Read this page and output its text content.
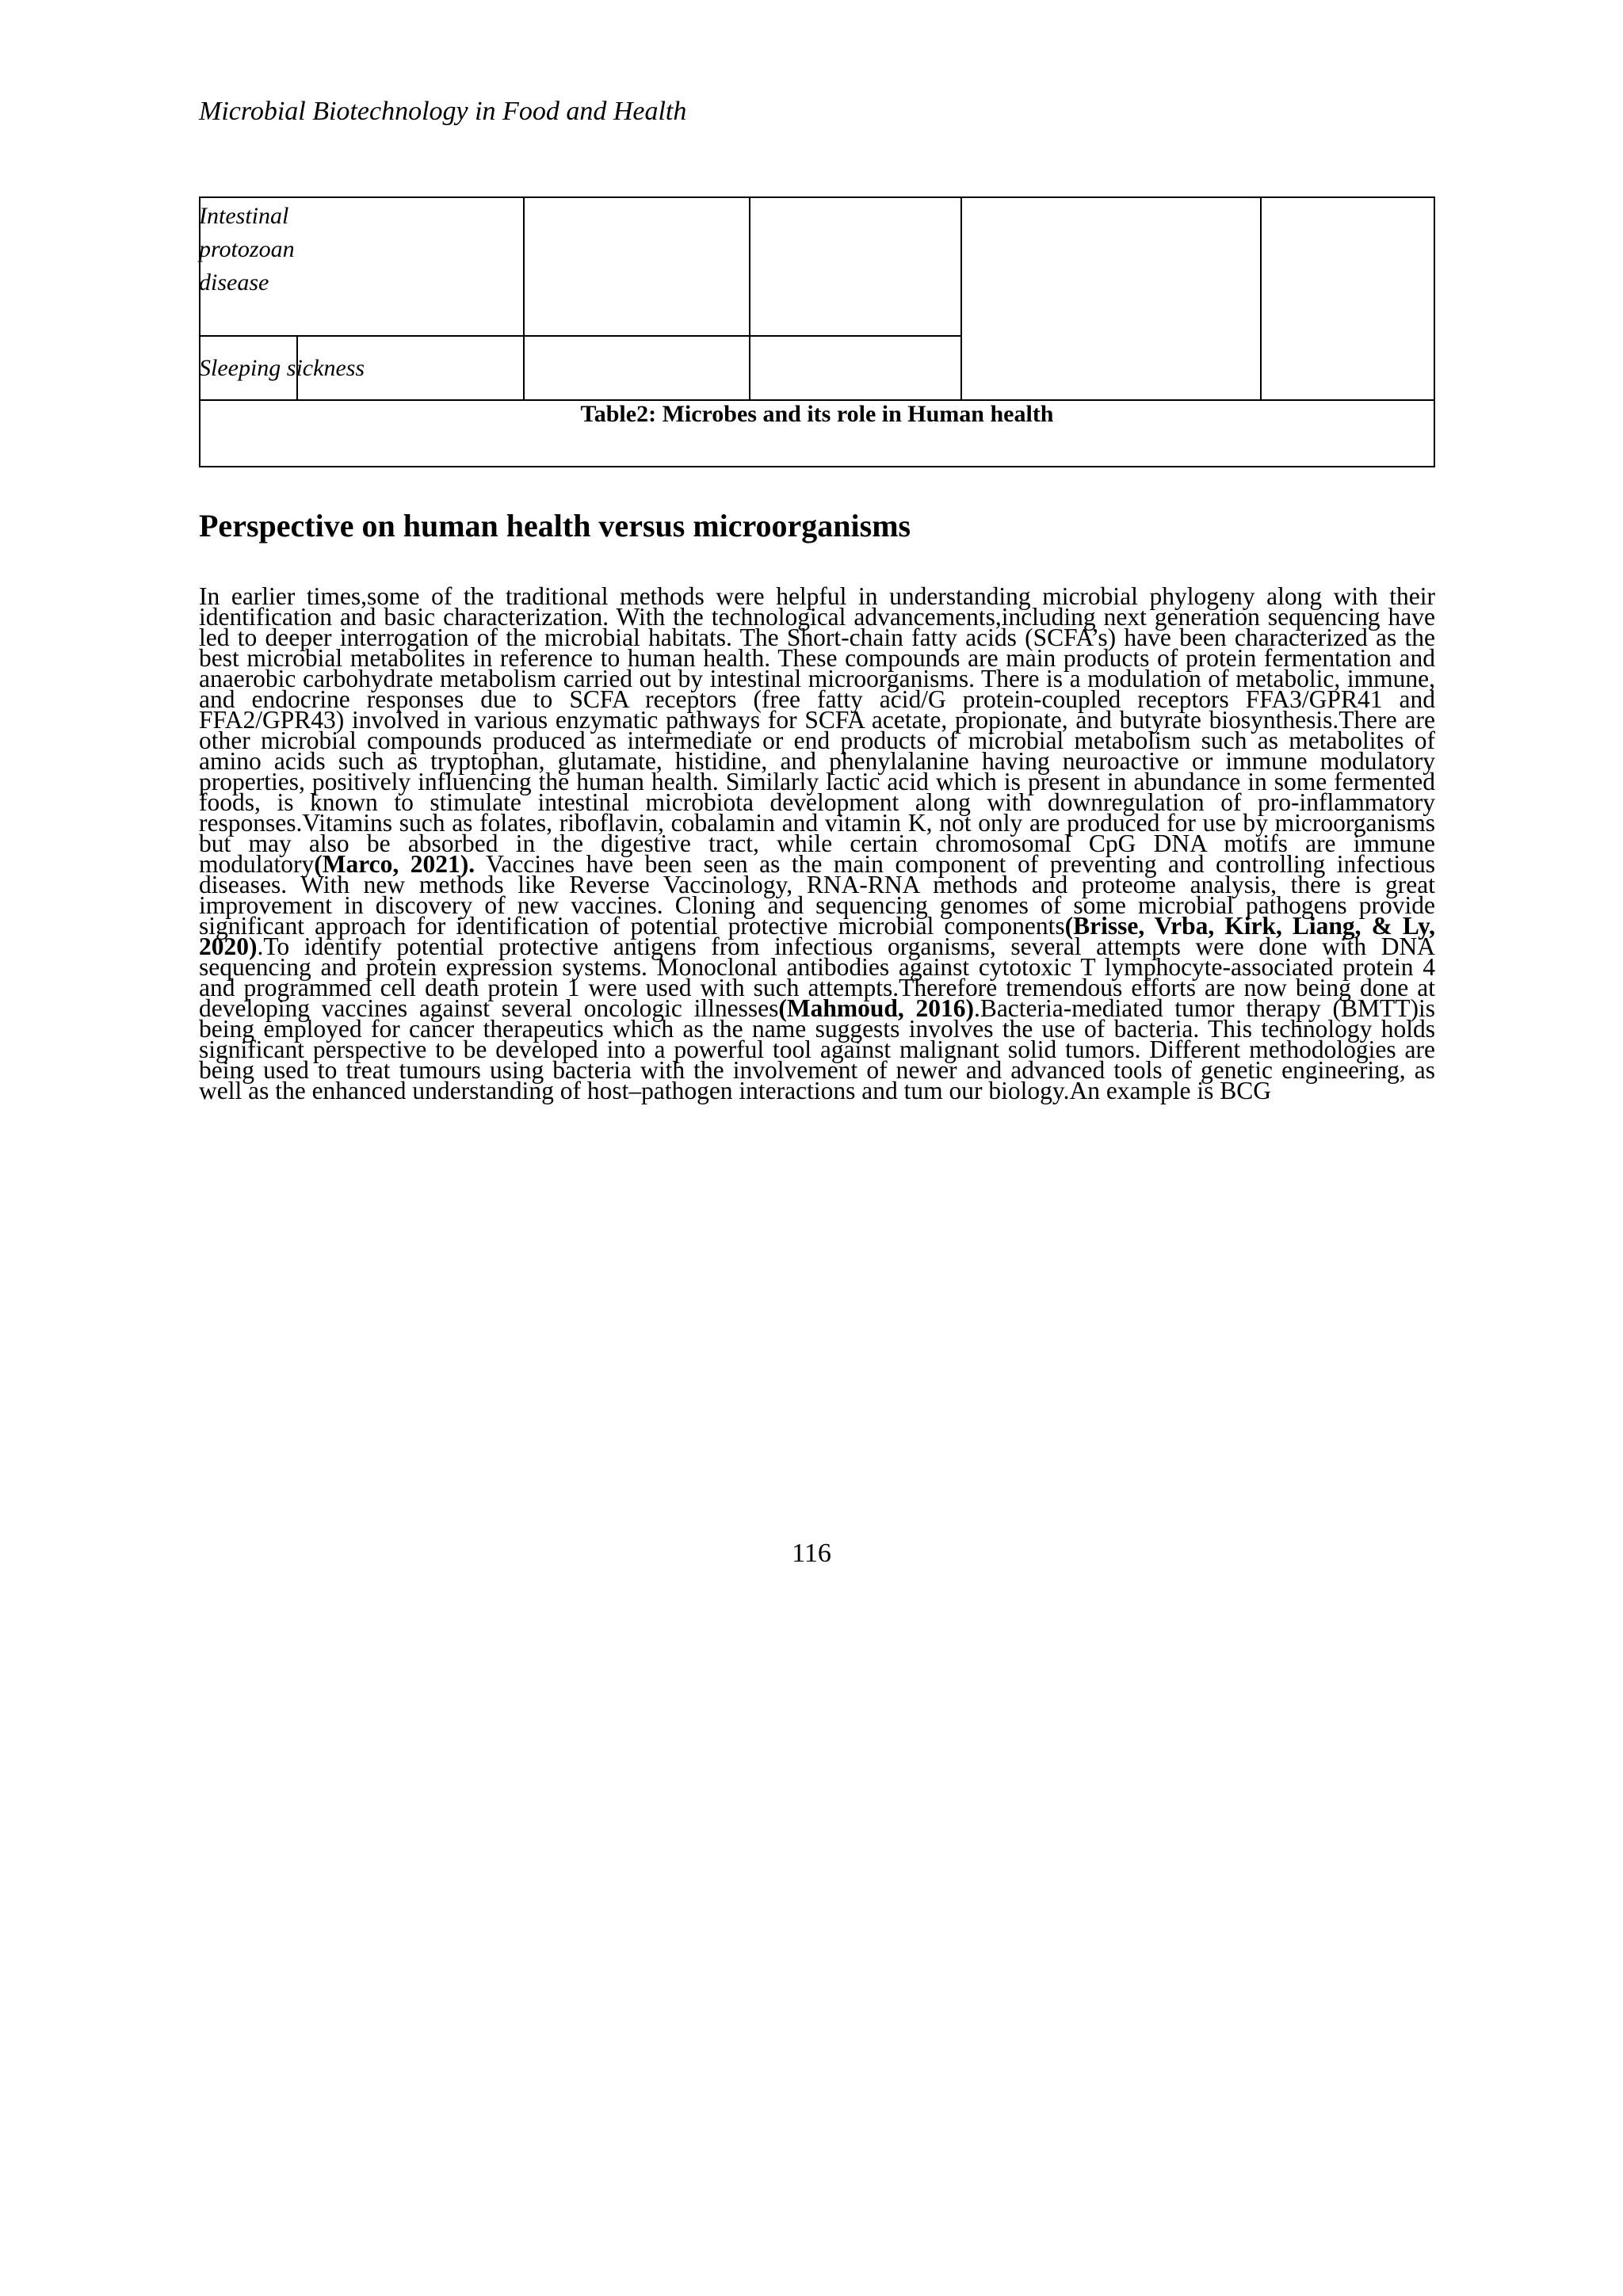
Microbial Biotechnology in Food and Health
Intestinal
protozoan
disease
Sleeping sickness
Table2: Microbes and its role in Human health
Perspective on human health versus microorganisms

In earlier times,some of the traditional methods were helpful in understanding microbial phylogeny along with their identification and basic characterization. With the technological advancements,including next generation sequencing have led to deeper interrogation of the microbial habitats. The Short-chain fatty acids (SCFA’s) have been characterized as the best microbial metabolites in reference to human health. These compounds are main products of protein fermentation and anaerobic carbohydrate metabolism carried out by intestinal microorganisms. There is a modulation of metabolic, immune, and endocrine responses due to SCFA receptors (free fatty acid/G protein-coupled receptors FFA3/GPR41 and FFA2/GPR43) involved in various enzymatic pathways for SCFA acetate, propionate, and butyrate biosynthesis.There are other microbial compounds produced as intermediate or end products of microbial metabolism such as metabolites of amino acids such as tryptophan, glutamate, histidine, and phenylalanine having neuroactive or immune modulatory properties, positively influencing the human health. Similarly lactic acid which is present in abundance in some fermented foods, is known to stimulate intestinal microbiota development along with downregulation of pro-inflammatory responses.Vitamins such as folates, riboflavin, cobalamin and vitamin K, not only are produced for use by microorganisms but may also be absorbed in the digestive tract, while certain chromosomal CpG DNA motifs are immune modulatory(Marco, 2021). Vaccines have been seen as the main component of preventing and controlling infectious diseases. With new methods like Reverse Vaccinology, RNA-RNA methods and proteome analysis, there is great improvement in discovery of new vaccines. Cloning and sequencing genomes of some microbial pathogens provide significant approach for identification of potential protective microbial components(Brisse, Vrba, Kirk, Liang, & Ly, 2020).To identify potential protective antigens from infectious organisms, several attempts were done with DNA sequencing and protein expression systems. Monoclonal antibodies against cytotoxic T lymphocyte-associated protein 4 and programmed cell death protein 1 were used with such attempts.Therefore tremendous efforts are now being done at developing vaccines against several oncologic illnesses(Mahmoud, 2016).Bacteria-mediated tumor therapy (BMTT)is being employed for cancer therapeutics which as the name suggests involves the use of bacteria. This technology holds significant perspective to be developed into a powerful tool against malignant solid tumors. Different methodologies are being used to treat tumours using bacteria with the involvement of newer and advanced tools of genetic engineering, as well as the enhanced understanding of host–pathogen interactions and tum our biology.An example is BCG

116
